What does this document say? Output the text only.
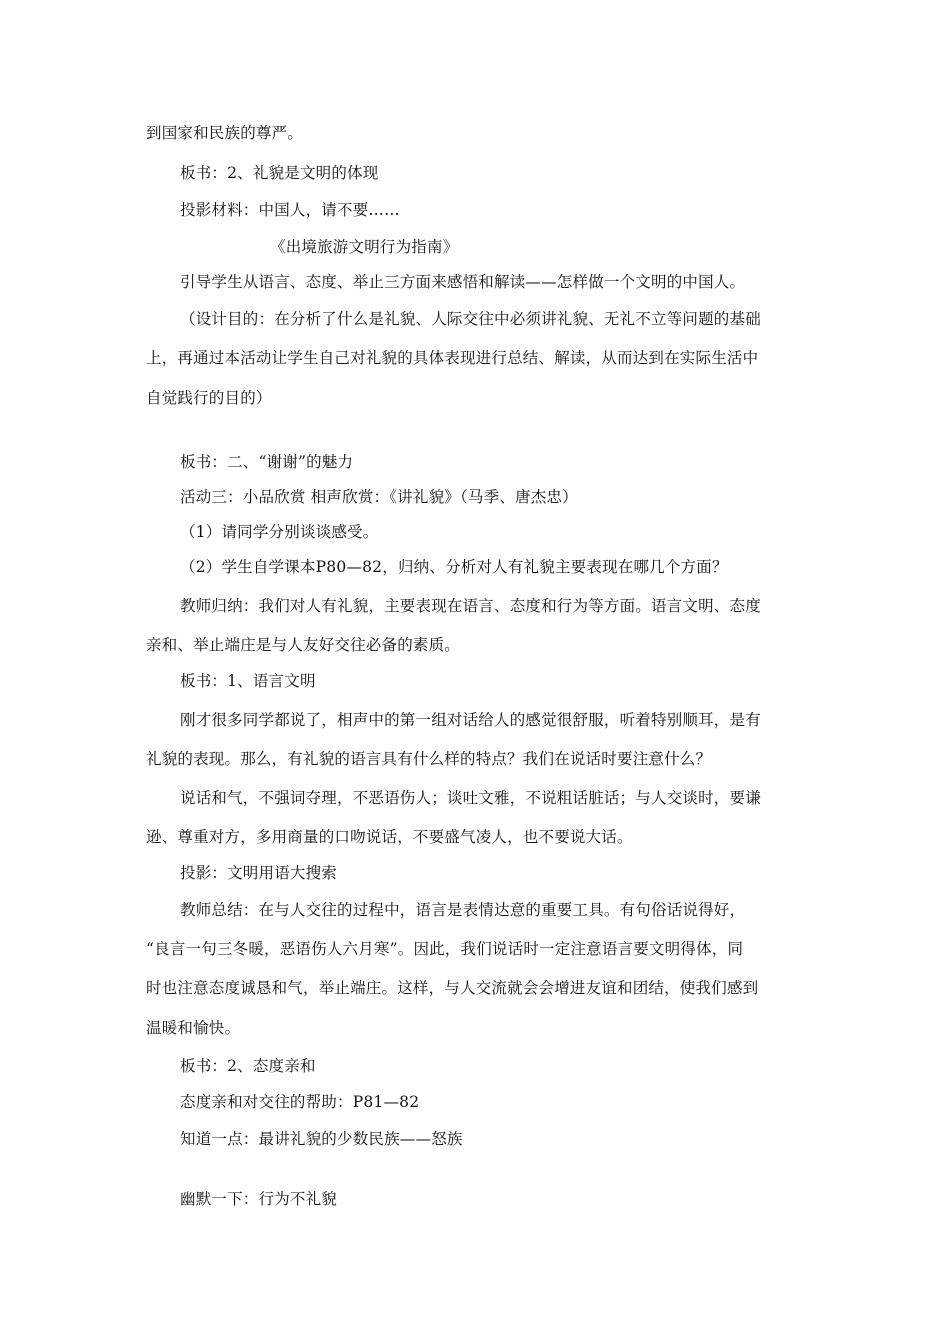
到国家和民族的尊严。
板书：2、礼貌是文明的体现
投影材料：中国人，请不要……
《出境旅游文明行为指南》
引导学生从语言、态度、举止三方面来感悟和解读——怎样做一个文明的中国人。
（设计目的：在分析了什么是礼貌、人际交往中必须讲礼貌、无礼不立等问题的基础
上，再通过本活动让学生自己对礼貌的具体表现进行总结、解读，从而达到在实际生活中
自觉践行的目的）
板书：二、“谢谢”的魅力
活动三：小品欣赏 相声欣赏：《讲礼貌》（马季、唐杰忠）
（1）请同学分别谈谈感受。
（2）学生自学课本P80—82，归纳、分析对人有礼貌主要表现在哪几个方面？
教师归纳：我们对人有礼貌，主要表现在语言、态度和行为等方面。语言文明、态度
亲和、举止端庄是与人友好交往必备的素质。
板书：1、语言文明
刚才很多同学都说了，相声中的第一组对话给人的感觉很舒服，听着特别顺耳，是有
礼貌的表现。那么，有礼貌的语言具有什么样的特点？我们在说话时要注意什么？
说话和气，不强词夺理，不恶语伤人；谈吐文雅，不说粗话脏话；与人交谈时，要谦
逊、尊重对方，多用商量的口吻说话，不要盛气凌人，也不要说大话。
投影：文明用语大搜索
教师总结：在与人交往的过程中，语言是表情达意的重要工具。有句俗话说得好，
“良言一句三冬暖，恶语伤人六月寒”。因此，我们说话时一定注意语言要文明得体，同
时也注意态度诚恳和气，举止端庄。这样，与人交流就会会增进友谊和团结，使我们感到
温暖和愉快。
板书：2、态度亲和
态度亲和对交往的帮助：P81—82
知道一点：最讲礼貌的少数民族——怒族
幽默一下：行为不礼貌
